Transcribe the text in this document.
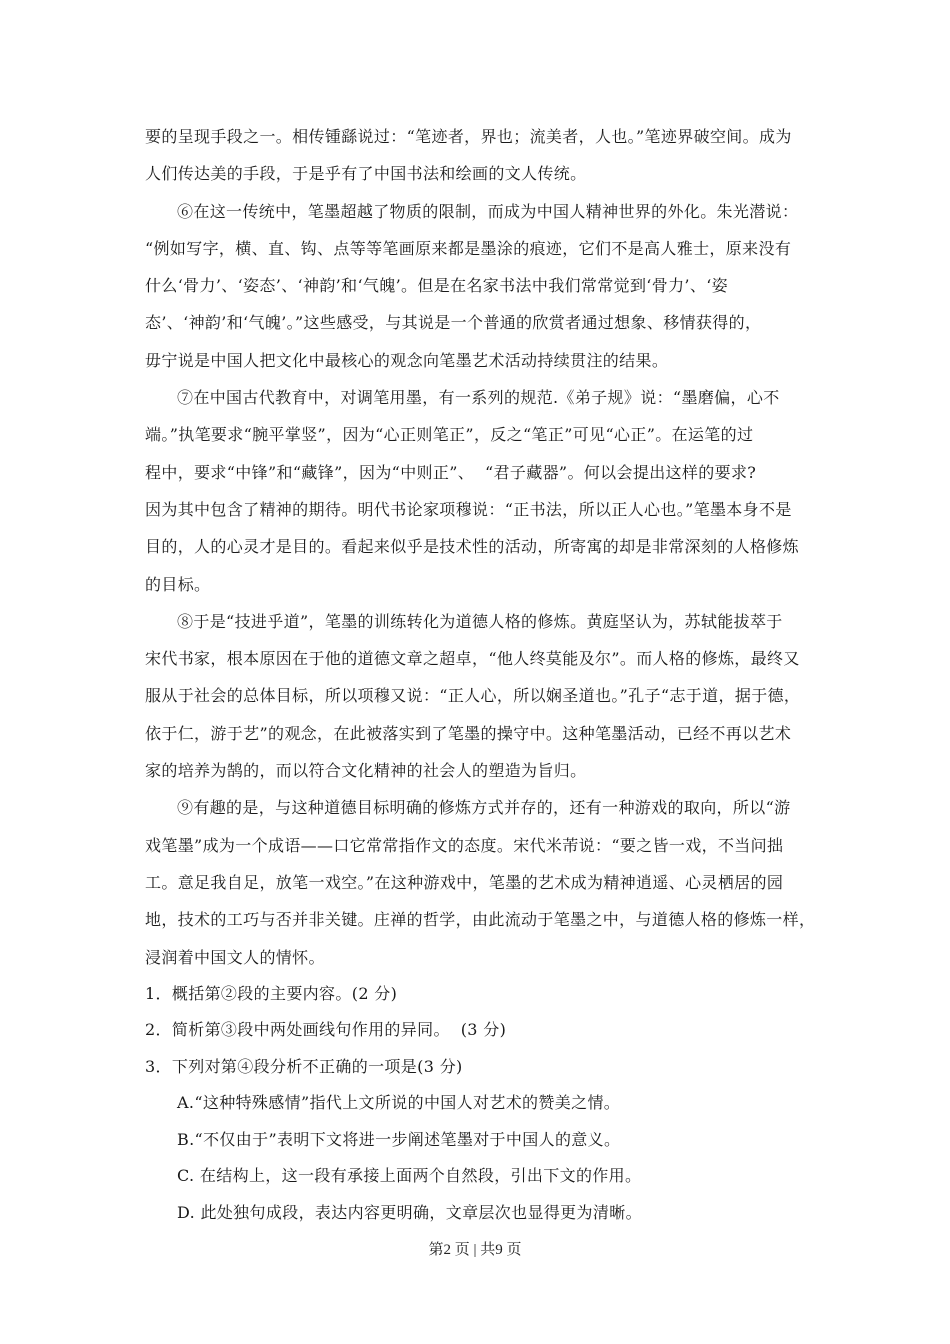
要的呈现手段之一。相传锺繇说过：“笔迹者，界也；流美者，人也。”笔迹界破空间。成为
人们传达美的手段，于是乎有了中国书法和绘画的文人传统。
⑥在这一传统中，笔墨超越了物质的限制，而成为中国人精神世界的外化。朱光潜说：
“例如写字，横、直、钩、点等等笔画原来都是墨涂的痕迹，它们不是高人雅士，原来没有
什么‘骨力’、‘姿态’、‘神韵’和‘气魄’。但是在名家书法中我们常常觉到‘骨力’、‘姿
态’、‘神韵’和‘气魄’。”这些感受，与其说是一个普通的欣赏者通过想象、移情获得的，
毋宁说是中国人把文化中最核心的观念向笔墨艺术活动持续贯注的结果。
⑦在中国古代教育中，对调笔用墨，有一系列的规范.《弟子规》说：“墨磨偏，心不
端。”执笔要求“腕平掌竖”，因为“心正则笔正”，反之“笔正”可见“心正”。在运笔的过
程中，要求“中锋”和“藏锋”，因为“中则正”、  “君子藏器”。何以会提出这样的要求?
因为其中包含了精神的期待。明代书论家项穆说：“正书法，所以正人心也。”笔墨本身不是
目的，人的心灵才是目的。看起来似乎是技术性的活动，所寄寓的却是非常深刻的人格修炼
的目标。
⑧于是“技进乎道”，笔墨的训练转化为道德人格的修炼。黄庭坚认为，苏轼能拔萃于
宋代书家，根本原因在于他的道德文章之超卓，“他人终莫能及尔”。而人格的修炼，最终又
服从于社会的总体目标，所以项穆又说：“正人心，所以娴圣道也。”孔子“志于道，据于德，
依于仁，游于艺”的观念，在此被落实到了笔墨的操守中。这种笔墨活动，已经不再以艺术
家的培养为鹄的，而以符合文化精神的社会人的塑造为旨归。
⑨有趣的是，与这种道德目标明确的修炼方式并存的，还有一种游戏的取向，所以“游
戏笔墨”成为一个成语——口它常常指作文的态度。宋代米芾说：“要之皆一戏，不当问拙
工。意足我自足，放笔一戏空。”在这种游戏中，笔墨的艺术成为精神逍遥、心灵栖居的园
地，技术的工巧与否并非关键。庄禅的哲学，由此流动于笔墨之中，与道德人格的修炼一样，
浸润着中国文人的情怀。
1．概括第②段的主要内容。(2 分)
2．简析第③段中两处画线句作用的异同。  (3 分)
3．下列对第④段分析不正确的一项是(3 分)
A.“这种特殊感情”指代上文所说的中国人对艺术的赞美之情。
B.“不仅由于”表明下文将进一步阐述笔墨对于中国人的意义。
C. 在结构上，这一段有承接上面两个自然段，引出下文的作用。
D. 此处独句成段，表达内容更明确，文章层次也显得更为清晰。
第2 页 | 共9 页
